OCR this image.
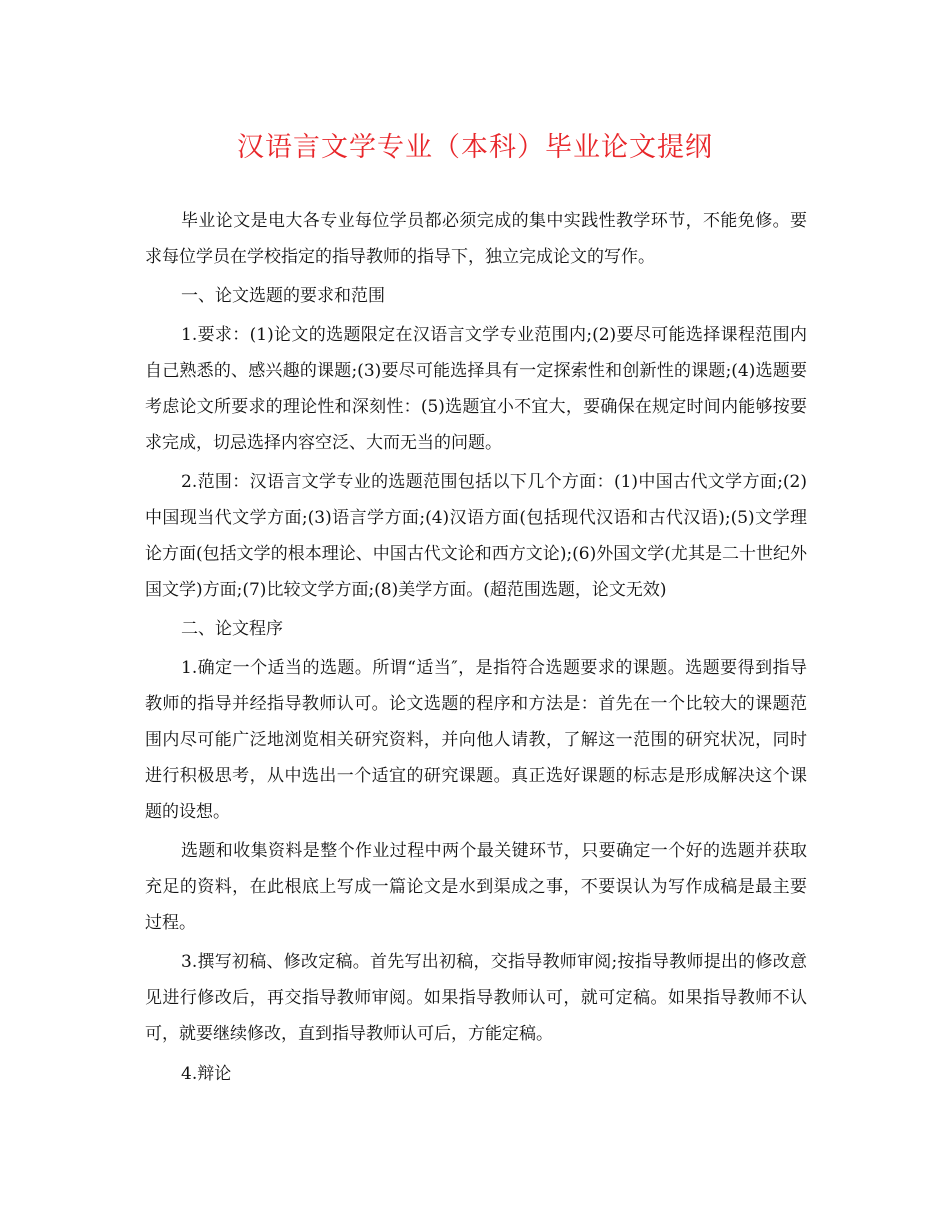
汉语言文学专业（本科）毕业论文提纲

毕业论文是电大各专业每位学员都必须完成的集中实践性教学环节，不能免修。要求每位学员在学校指定的指导教师的指导下，独立完成论文的写作。

一、论文选题的要求和范围

1.要求：(1)论文的选题限定在汉语言文学专业范围内;(2)要尽可能选择课程范围内自己熟悉的、感兴趣的课题;(3)要尽可能选择具有一定探索性和创新性的课题;(4)选题要考虑论文所要求的理论性和深刻性：(5)选题宜小不宜大，要确保在规定时间内能够按要求完成，切忌选择内容空泛、大而无当的问题。

2.范围：汉语言文学专业的选题范围包括以下几个方面：(1)中国古代文学方面;(2)中国现当代文学方面;(3)语言学方面;(4)汉语方面(包括现代汉语和古代汉语);(5)文学理论方面(包括文学的根本理论、中国古代文论和西方文论);(6)外国文学(尤其是二十世纪外国文学)方面;(7)比较文学方面;(8)美学方面。(超范围选题，论文无效)

二、论文程序

1.确定一个适当的选题。所谓“适当″，是指符合选题要求的课题。选题要得到指导教师的指导并经指导教师认可。论文选题的程序和方法是：首先在一个比较大的课题范围内尽可能广泛地浏览相关研究资料，并向他人请教，了解这一范围的研究状况，同时进行积极思考，从中选出一个适宜的研究课题。真正选好课题的标志是形成解决这个课题的设想。

选题和收集资料是整个作业过程中两个最关键环节，只要确定一个好的选题并获取充足的资料，在此根底上写成一篇论文是水到渠成之事，不要误认为写作成稿是最主要过程。

3.撰写初稿、修改定稿。首先写出初稿，交指导教师审阅;按指导教师提出的修改意见进行修改后，再交指导教师审阅。如果指导教师认可，就可定稿。如果指导教师不认可，就要继续修改，直到指导教师认可后，方能定稿。

4.辩论
